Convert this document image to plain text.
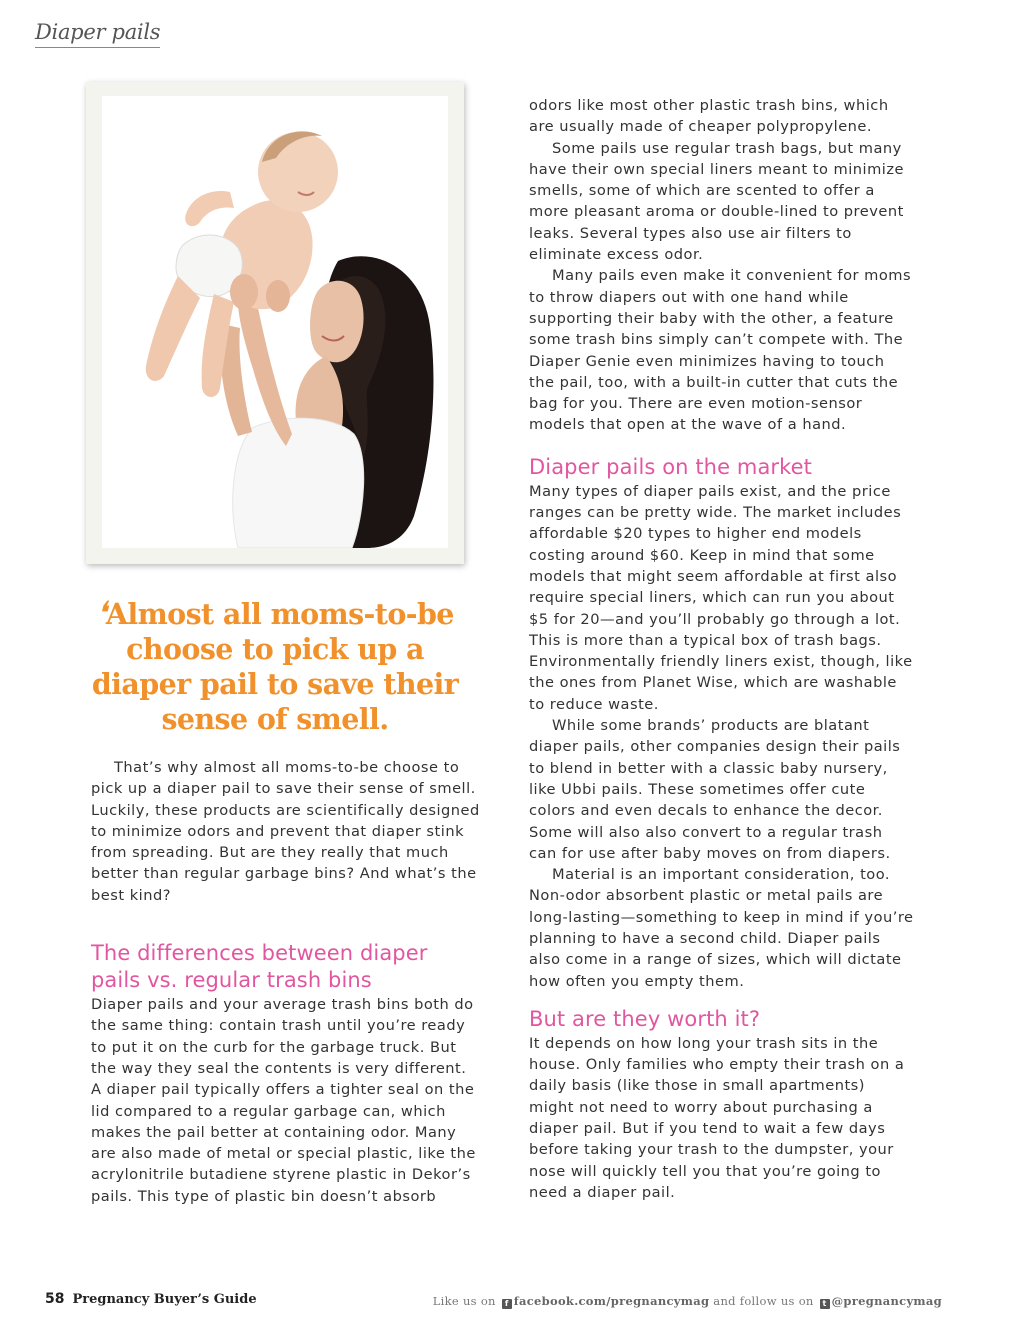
Diaper pails
❛Almost all moms-to-be choose to pick up a diaper pail to save their sense of smell.

That’s why almost all moms-to-be choose to pick up a diaper pail to save their sense of smell. Luckily, these products are scientifically designed to minimize odors and prevent that diaper stink from spreading. But are they really that much better than regular garbage bins? And what’s the best kind?

The differences between diaper pails vs. regular trash bins

Diaper pails and your average trash bins both do the same thing: contain trash until you’re ready to put it on the curb for the garbage truck. But the way they seal the contents is very different. A diaper pail typically offers a tighter seal on the lid compared to a regular garbage can, which makes the pail better at containing odor. Many are also made of metal or special plastic, like the acrylonitrile butadiene styrene plastic in Dekor’s pails. This type of plastic bin doesn’t absorb

odors like most other plastic trash bins, which are usually made of cheaper polypropylene.

Some pails use regular trash bags, but many have their own special liners meant to minimize smells, some of which are scented to offer a more pleasant aroma or double-lined to prevent leaks. Several types also use air filters to eliminate excess odor.

Many pails even make it convenient for moms to throw diapers out with one hand while supporting their baby with the other, a feature some trash bins simply can’t compete with. The Diaper Genie even minimizes having to touch the pail, too, with a built-in cutter that cuts the bag for you. There are even motion-sensor models that open at the wave of a hand.

Diaper pails on the market

Many types of diaper pails exist, and the price ranges can be pretty wide. The market includes affordable $20 types to higher end models costing around $60. Keep in mind that some models that might seem affordable at first also require special liners, which can run you about $5 for 20—and you’ll probably go through a lot. This is more than a typical box of trash bags. Environmentally friendly liners exist, though, like the ones from Planet Wise, which are washable to reduce waste.

While some brands’ products are blatant diaper pails, other companies design their pails to blend in better with a classic baby nursery, like Ubbi pails. These sometimes offer cute colors and even decals to enhance the decor. Some will also also convert to a regular trash can for use after baby moves on from diapers.

Material is an important consideration, too. Non-odor absorbent plastic or metal pails are long-lasting—something to keep in mind if you’re planning to have a second child. Diaper pails also come in a range of sizes, which will dictate how often you empty them.

But are they worth it?

It depends on how long your trash sits in the house. Only families who empty their trash on a daily basis (like those in small apartments) might not need to worry about purchasing a diaper pail. But if you tend to wait a few days before taking your trash to the dumpster, your nose will quickly tell you that you’re going to need a diaper pail.

58 Pregnancy Buyer’s Guide	Like us on f facebook.com/pregnancymag and follow us on t @pregnancymag
